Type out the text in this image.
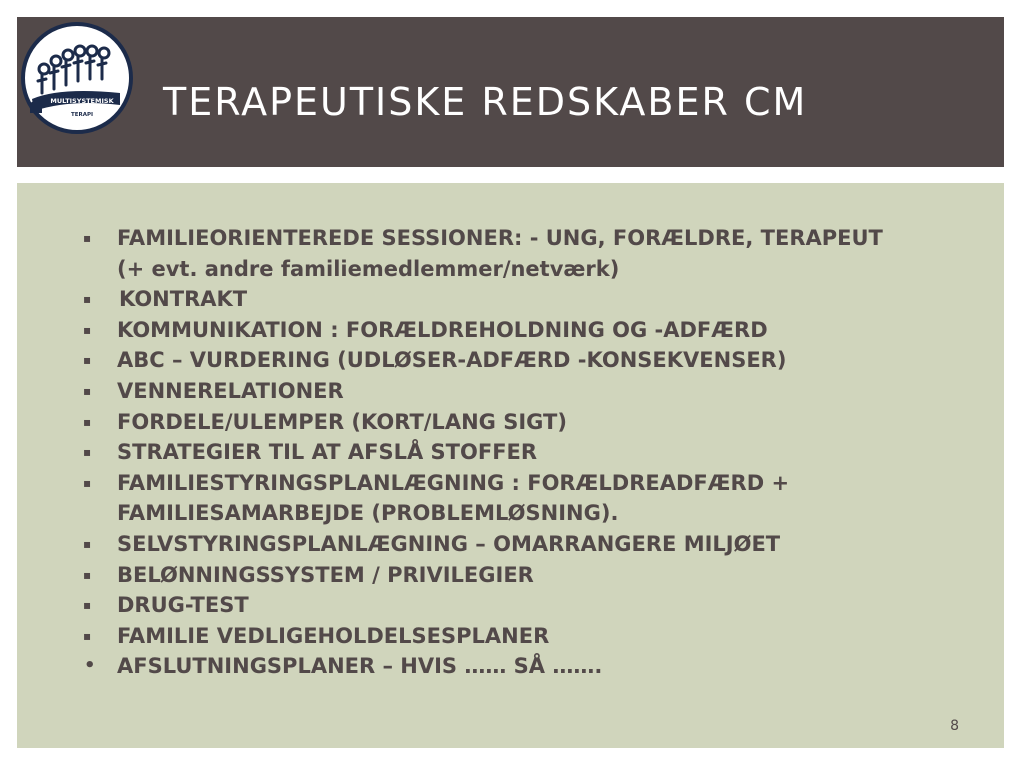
MULTISYSTEMISK
TERAPI TERAPEUTISKE REDSKABER CM
▪	FAMILIEORIENTEREDE SESSIONER: - UNG, FORÆLDRE, TERAPEUT (+ evt. andre familiemedlemmer/netværk)
▪	KONTRAKT
▪	KOMMUNIKATION : FORÆLDREHOLDNING OG -ADFÆRD
▪	ABC – VURDERING (UDLØSER-ADFÆRD -KONSEKVENSER)
▪	VENNERELATIONER
▪	FORDELE/ULEMPER (KORT/LANG SIGT)
▪	STRATEGIER TIL AT AFSLÅ STOFFER
▪	FAMILIESTYRINGSPLANLÆGNING : FORÆLDREADFÆRD + FAMILIESAMARBEJDE (PROBLEMLØSNING).
▪	SELVSTYRINGSPLANLÆGNING – OMARRANGERE MILJØET
▪	BELØNNINGSSYSTEM / PRIVILEGIER
▪	DRUG-TEST
▪	FAMILIE VEDLIGEHOLDELSESPLANER
• AFSLUTNINGSPLANER – HVIS …… SÅ …….
8
